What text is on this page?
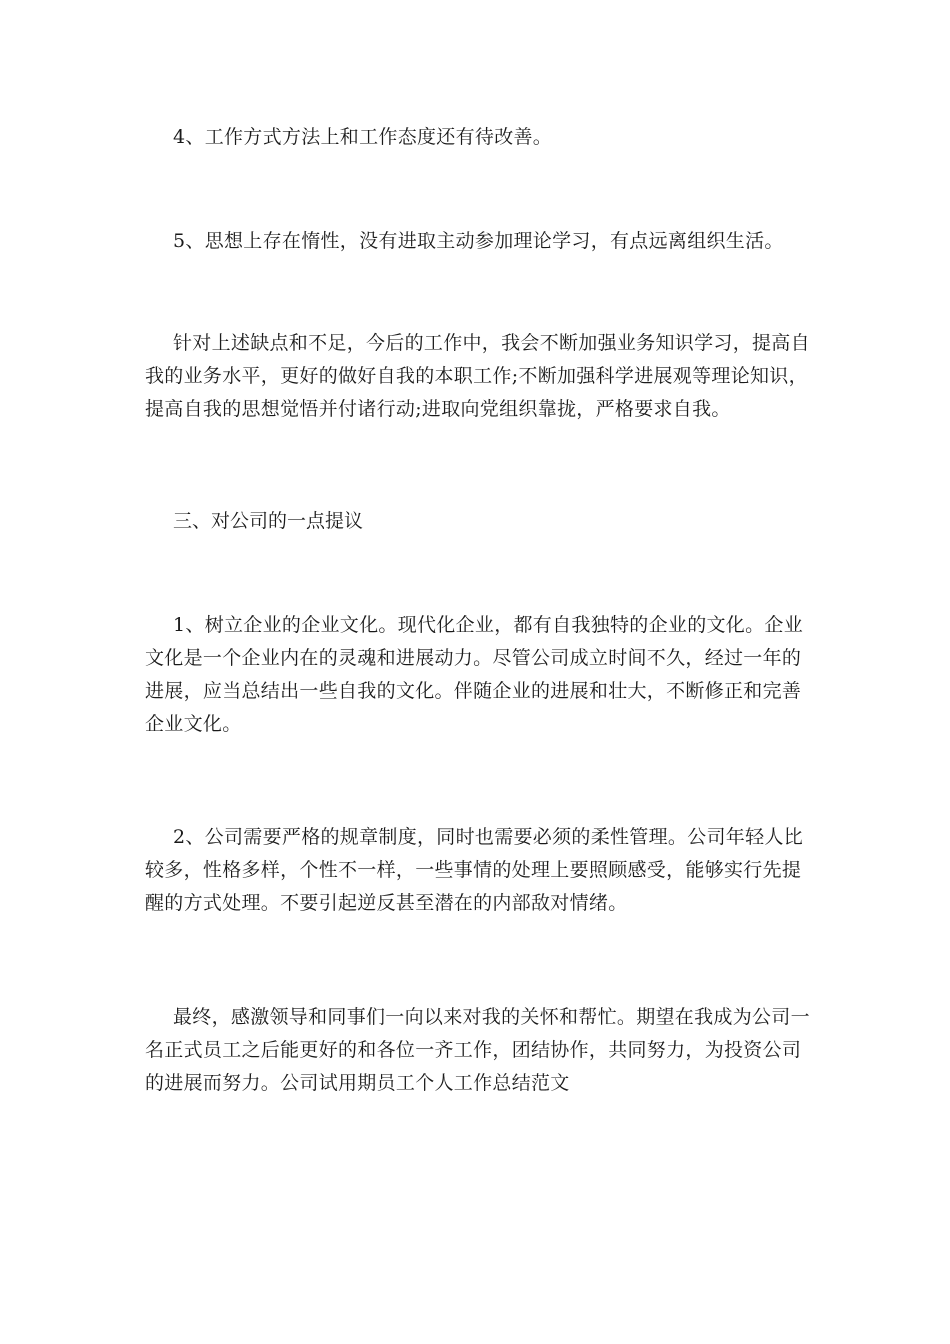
4、工作方式方法上和工作态度还有待改善。

5、思想上存在惰性，没有进取主动参加理论学习，有点远离组织生活。

针对上述缺点和不足，今后的工作中，我会不断加强业务知识学习，提高自我的业务水平，更好的做好自我的本职工作;不断加强科学进展观等理论知识，提高自我的思想觉悟并付诸行动;进取向党组织靠拢，严格要求自我。

三、对公司的一点提议

1、树立企业的企业文化。现代化企业，都有自我独特的企业的文化。企业文化是一个企业内在的灵魂和进展动力。尽管公司成立时间不久，经过一年的进展，应当总结出一些自我的文化。伴随企业的进展和壮大，不断修正和完善企业文化。

2、公司需要严格的规章制度，同时也需要必须的柔性管理。公司年轻人比较多，性格多样，个性不一样，一些事情的处理上要照顾感受，能够实行先提醒的方式处理。不要引起逆反甚至潜在的内部敌对情绪。

最终，感激领导和同事们一向以来对我的关怀和帮忙。期望在我成为公司一名正式员工之后能更好的和各位一齐工作，团结协作，共同努力，为投资公司的进展而努力。公司试用期员工个人工作总结范文
